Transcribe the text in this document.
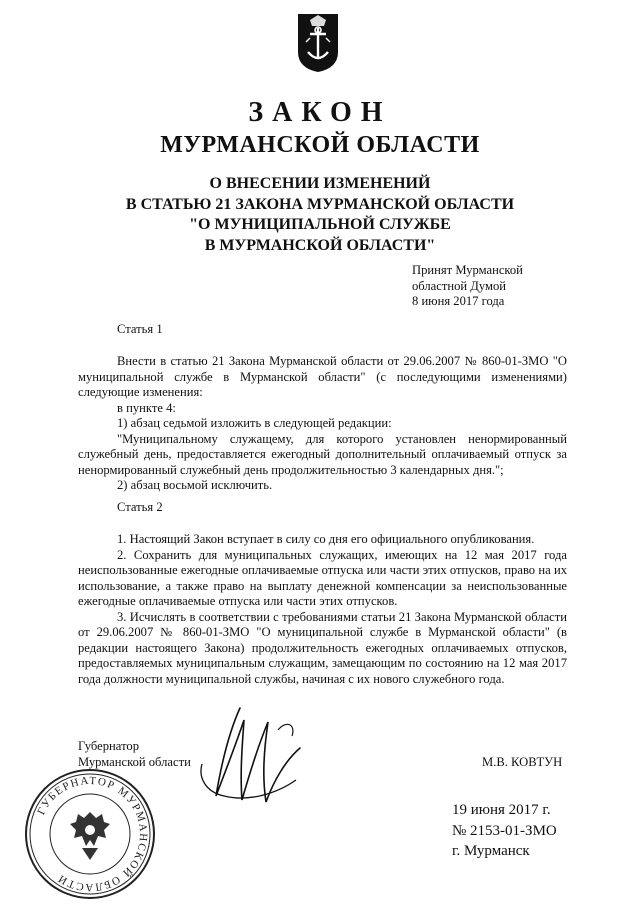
ЗАКОН
МУРМАНСКОЙ ОБЛАСТИ
О ВНЕСЕНИИ ИЗМЕНЕНИЙ
В СТАТЬЮ 21 ЗАКОНА МУРМАНСКОЙ ОБЛАСТИ
"О МУНИЦИПАЛЬНОЙ СЛУЖБЕ
В МУРМАНСКОЙ ОБЛАСТИ"
Принят Мурманской
областной Думой
8 июня 2017 года
Статья 1

Внести в статью 21 Закона Мурманской области от 29.06.2007 № 860-01-ЗМО "О муниципальной службе в Мурманской области" (с последующими изменениями) следующие изменения:

в пункте 4:

1) абзац седьмой изложить в следующей редакции:

"Муниципальному служащему, для которого установлен ненормированный служебный день, предоставляется ежегодный дополнительный оплачиваемый отпуск за ненормированный служебный день продолжительностью 3 календарных дня.";

2) абзац восьмой исключить.

Статья 2

1. Настоящий Закон вступает в силу со дня его официального опубликования.

2. Сохранить для муниципальных служащих, имеющих на 12 мая 2017 года неиспользованные ежегодные оплачиваемые отпуска или части этих отпусков, право на их использование, а также право на выплату денежной компенсации за неиспользованные ежегодные оплачиваемые отпуска или части этих отпусков.

3. Исчислять в соответствии с требованиями статьи 21 Закона Мурманской области от 29.06.2007 № 860-01-ЗМО "О муниципальной службе в Мурманской области" (в редакции настоящего Закона) продолжительность ежегодных оплачиваемых отпусков, предоставляемых муниципальным служащим, замещающим по состоянию на 12 мая 2017 года должности муниципальной службы, начиная с их нового служебного года.

Губернатор
Мурманской области	М.В. КОВТУН
ГУБЕРНАТОР МУРМАНСКОЙ ОБЛАСТИ
19 июня 2017 г.
№ 2153-01-ЗМО
г. Мурманск
